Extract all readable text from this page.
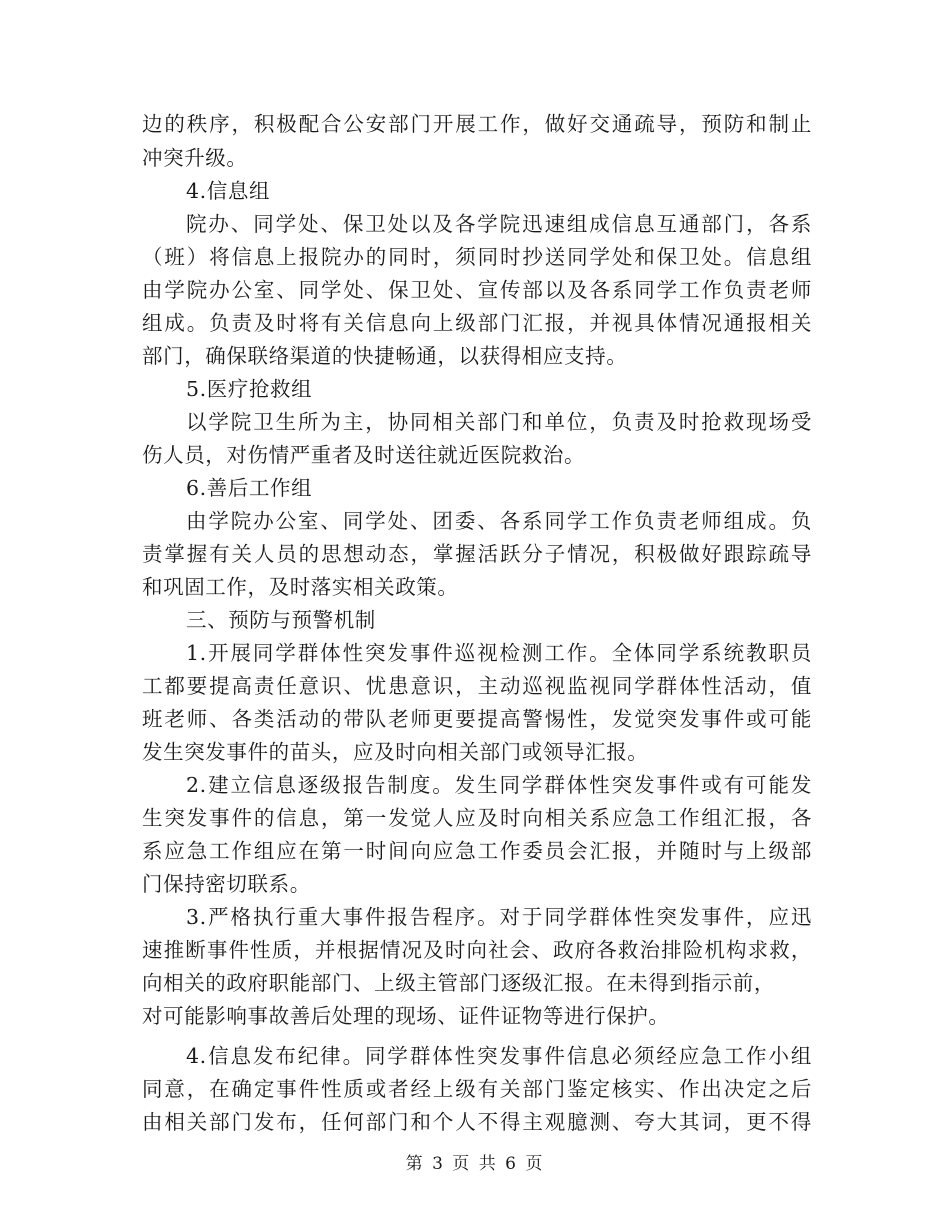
边的秩序，积极配合公安部门开展工作，做好交通疏导，预防和制止
冲突升级。
4.信息组
院办、同学处、保卫处以及各学院迅速组成信息互通部门，各系
（班）将信息上报院办的同时，须同时抄送同学处和保卫处。信息组
由学院办公室、同学处、保卫处、宣传部以及各系同学工作负责老师
组成。负责及时将有关信息向上级部门汇报，并视具体情况通报相关
部门，确保联络渠道的快捷畅通，以获得相应支持。
5.医疗抢救组
以学院卫生所为主，协同相关部门和单位，负责及时抢救现场受
伤人员，对伤情严重者及时送往就近医院救治。
6.善后工作组
由学院办公室、同学处、团委、各系同学工作负责老师组成。负
责掌握有关人员的思想动态，掌握活跃分子情况，积极做好跟踪疏导
和巩固工作，及时落实相关政策。
三、预防与预警机制
1.开展同学群体性突发事件巡视检测工作。全体同学系统教职员
工都要提高责任意识、忧患意识，主动巡视监视同学群体性活动，值
班老师、各类活动的带队老师更要提高警惕性，发觉突发事件或可能
发生突发事件的苗头，应及时向相关部门或领导汇报。
2.建立信息逐级报告制度。发生同学群体性突发事件或有可能发
生突发事件的信息，第一发觉人应及时向相关系应急工作组汇报，各
系应急工作组应在第一时间向应急工作委员会汇报，并随时与上级部
门保持密切联系。
3.严格执行重大事件报告程序。对于同学群体性突发事件，应迅
速推断事件性质，并根据情况及时向社会、政府各救治排险机构求救，
向相关的政府职能部门、上级主管部门逐级汇报。在未得到指示前，
对可能影响事故善后处理的现场、证件证物等进行保护。
4.信息发布纪律。同学群体性突发事件信息必须经应急工作小组
同意，在确定事件性质或者经上级有关部门鉴定核实、作出决定之后
由相关部门发布，任何部门和个人不得主观臆测、夸大其词，更不得
第 3 页 共 6 页
